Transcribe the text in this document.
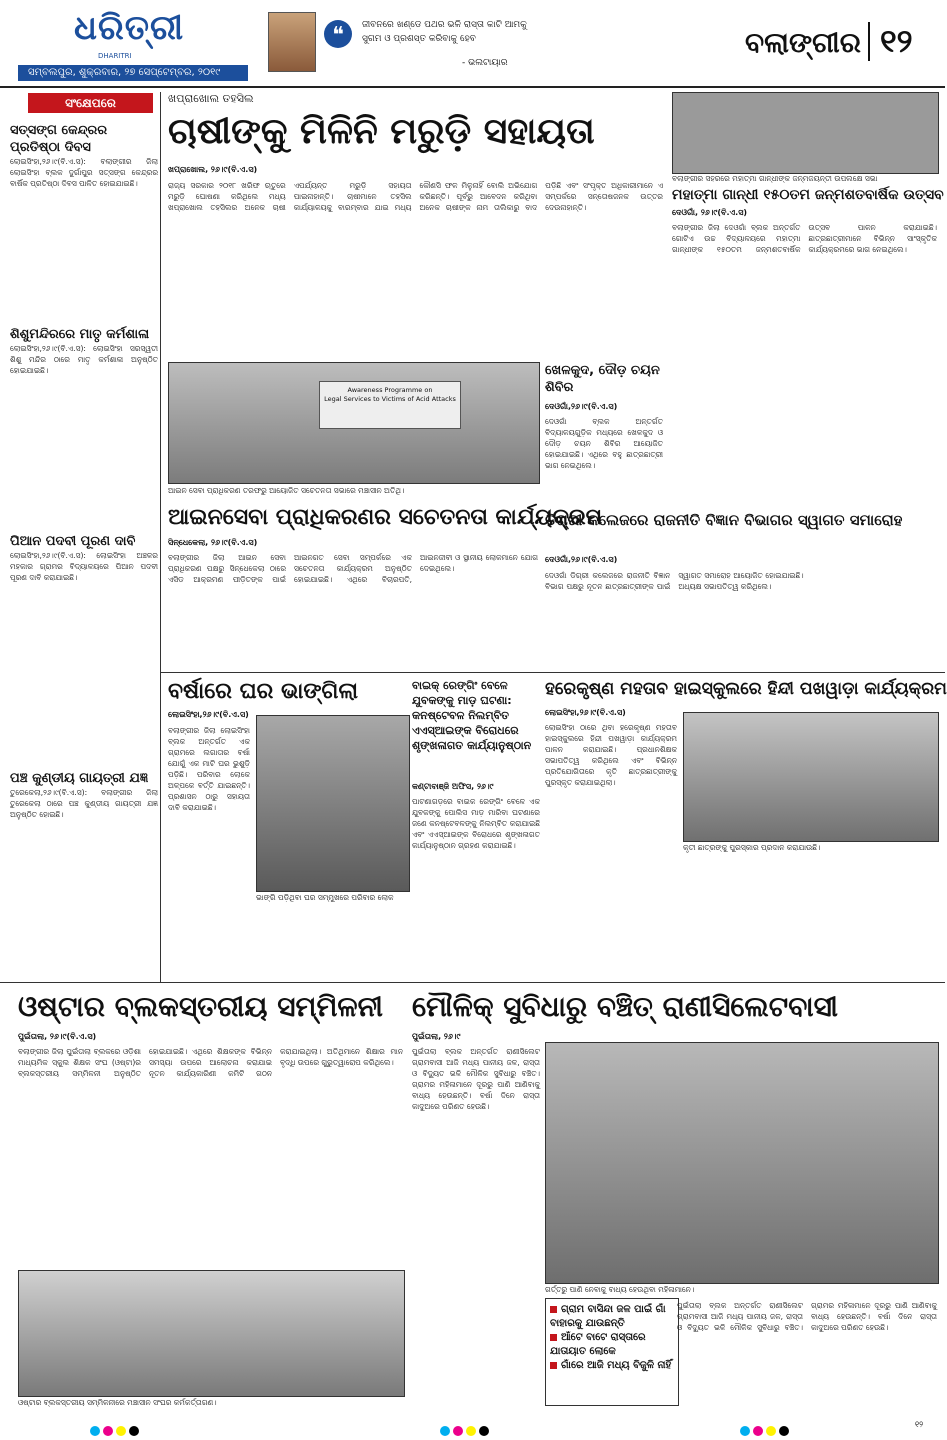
ଧରିତ୍ରୀ
DHARITRI
ସମ୍ବଲପୁର, ଶୁକ୍ରବାର, ୨୭ ସେପ୍ଟେମ୍ବର, ୨୦୧୯
❝	ଜୀବନରେ ଖଣ୍ଡେ ପଥର ଭଳି ରାସ୍ତା କାଟି ଆମକୁ
ସୁଗମ ଓ ପ୍ରଶସ୍ତ କରିବାକୁ ହେବ
- ଭଲଟାୟାର
ବଲାଙ୍ଗୀର ୧୨
ସଂକ୍ଷେପରେ
ସତ୍‌ସଙ୍ଗ କେନ୍ଦ୍ରର ପ୍ରତିଷ୍ଠା ଦିବସ
ଲୋଇସିଂହା,୨୬।୯(ବି.ଏ.ସ): ବଲାଙ୍ଗୀର ଜିଲା ଲୋଇସିଂହା ବ୍ଲକ ଦୁର୍ଗାପୁର ସତ୍‌ସଙ୍ଗ କେନ୍ଦ୍ରର ବାର୍ଷିକ ପ୍ରତିଷ୍ଠା ଦିବସ ପାଳିତ ହୋଇଯାଇଛି।
ଶିଶୁମନ୍ଦିରରେ ମାତୃ କର୍ମଶାଳା
ଲୋଇସିଂହା,୨୬।୯(ବି.ଏ.ସ): ଲୋଇସିଂହା ସରସ୍ୱତୀ ଶିଶୁ ମନ୍ଦିର ଠାରେ ମାତୃ କର୍ମଶାଳା ଅନୁଷ୍ଠିତ ହୋଇଯାଇଛି।
ପିଆନ ପଦବୀ ପୂରଣ ଦାବି
ଲୋଇସିଂହା,୨୬।୯(ବି.ଏ.ସ): ଲୋଇସିଂହା ଅଞ୍ଚଳର ମହକାର ଗ୍ରାମର ବିଦ୍ୟାଳୟରେ ପିଆନ ପଦବୀ ପୂରଣ ଦାବି କରାଯାଇଛି।
ପଞ୍ଚ କୁଣ୍ଡୀୟ ଗାୟତ୍ରୀ ଯଜ୍ଞ
ତୁରେକେଲା,୨୬।୯(ବି.ଏ.ସ): ବଲାଙ୍ଗୀର ଜିଲା ତୁରେକେଲା ଠାରେ ପଞ୍ଚ କୁଣ୍ଡୀୟ ଗାୟତ୍ରୀ ଯଜ୍ଞ ଅନୁଷ୍ଠିତ ହୋଇଛି।
ଖପ୍ରାଖୋଲ ତହସିଲ
ଚାଷୀଙ୍କୁ ମିଳିନି ମରୁଡ଼ି ସହାୟତା
ଖପ୍ରାଖୋଲ, ୨୬।୯(ବି.ଏ.ସ)
ରାଜ୍ୟ ସରକାର ୨୦୧୮ ଖରିଫ ଋତୁରେ ମରୁଡ଼ି ଘୋଷଣା କରିଥିଲେ ମଧ୍ୟ ଖପ୍ରାଖୋଲ ତହସିଲର ଅନେକ ଚାଷୀ ଏପର୍ଯ୍ୟନ୍ତ ମରୁଡ଼ି ସହାୟତା ପାଇନାହାନ୍ତି। ଚାଷୀମାନେ ତହସିଲ କାର୍ଯ୍ୟାଳୟକୁ ବାରମ୍ବାର ଯାଇ ମଧ୍ୟ କୌଣସି ଫଳ ମିଳୁନାହିଁ ବୋଲି ଅଭିଯୋଗ କରିଛନ୍ତି। ପୂର୍ବରୁ ଆବେଦନ କରିଥିବା ଅନେକ ଚାଷୀଙ୍କ ନାମ ତାଲିକାରୁ ବାଦ ପଡ଼ିଛି ଏବଂ ସଂପୃକ୍ତ ଅଧିକାରୀମାନେ ଏ ସମ୍ପର୍କରେ ସନ୍ତୋଷଜନକ ଉତ୍ତର ଦେଉନାହାନ୍ତି।
ବଲାଙ୍ଗୀର ସହରରେ ମହାତ୍ମା ଗାନ୍ଧୀଙ୍କ ଜନ୍ମଜୟନ୍ତୀ ଉପଲକ୍ଷେ ସଭା
ମହାତ୍ମା ଗାନ୍ଧୀ ୧୫୦ତମ ଜନ୍ମଶତବାର୍ଷିକ ଉତ୍ସବ
ଦେଓଗାଁ, ୨୬।୯(ବି.ଏ.ସ)
ବଲାଙ୍ଗୀର ଜିଲା ଦେଓଗାଁ ବ୍ଲକ ଅନ୍ତର୍ଗତ ଗୋଟିଏ ଉଚ୍ଚ ବିଦ୍ୟାଳୟରେ ମହାତ୍ମା ଗାନ୍ଧୀଙ୍କ ୧୫୦ତମ ଜନ୍ମଶତବାର୍ଷିକ ଉତ୍ସବ ପାଳନ କରାଯାଇଛି। ଛାତ୍ରଛାତ୍ରୀମାନେ ବିଭିନ୍ନ ସାଂସ୍କୃତିକ କାର୍ଯ୍ୟକ୍ରମରେ ଭାଗ ନେଇଥିଲେ।
ଖେଳକୁଦ, ଦୌଡ଼ ଚୟନ ଶିବିର
ଦେଓଗାଁ,୨୬।୯(ବି.ଏ.ସ)
ଦେଓଗାଁ ବ୍ଲକ ଅନ୍ତର୍ଗତ ବିଦ୍ୟାଳୟଗୁଡ଼ିକ ମଧ୍ୟରେ ଖେଳକୁଦ ଓ ଦୌଡ଼ ଚୟନ ଶିବିର ଆୟୋଜିତ ହୋଇଯାଇଛି। ଏଥିରେ ବହୁ ଛାତ୍ରଛାତ୍ରୀ ଭାଗ ନେଇଥିଲେ।
Awareness Programme on
Legal Services to Victims of Acid Attacks
ଆଇନ ସେବା ପ୍ରାଧିକରଣ ତରଫରୁ ଆୟୋଜିତ ସଚେତନତା ସଭାରେ ମଞ୍ଚାସୀନ ଅତିଥି।
ଡିଗ୍ରୀ କଲେଜରେ ରାଜନୀତି ବିଜ୍ଞାନ ବିଭାଗର ସ୍ୱାଗତ ସମାରୋହ
ଦେଓଗାଁ,୨୬।୯(ବି.ଏ.ସ)
ଦେଓଗାଁ ଡିଗ୍ରୀ କଲେଜରେ ରାଜନୀତି ବିଜ୍ଞାନ ବିଭାଗ ପକ୍ଷରୁ ନୂତନ ଛାତ୍ରଛାତ୍ରୀଙ୍କ ପାଇଁ ସ୍ୱାଗତ ସମାରୋହ ଆୟୋଜିତ ହୋଇଯାଇଛି। ଅଧ୍ୟକ୍ଷ ସଭାପତିତ୍ୱ କରିଥିଲେ।
ଆଇନସେବା ପ୍ରାଧିକରଣର ସଚେତନତା କାର୍ଯ୍ୟକ୍ରମ
ସିନ୍ଧେକେଲା, ୨୬।୯(ବି.ଏ.ସ)
ବଲାଙ୍ଗୀର ଜିଲା ଆଇନ ସେବା ପ୍ରାଧିକରଣ ପକ୍ଷରୁ ସିନ୍ଧେକେଲା ଠାରେ ଏସିଡ ଆକ୍ରମଣ ପୀଡ଼ିତଙ୍କ ପାଇଁ ଆଇନଗତ ସେବା ସମ୍ପର୍କରେ ଏକ ସଚେତନତା କାର୍ଯ୍ୟକ୍ରମ ଅନୁଷ୍ଠିତ ହୋଇଯାଇଛି। ଏଥିରେ ବିଚାରପତି, ଆଇନଜୀବୀ ଓ ସ୍ଥାନୀୟ ଲୋକମାନେ ଯୋଗ ଦେଇଥିଲେ।
ବର୍ଷାରେ ଘର ଭାଙ୍ଗିଲା
ଲୋଇସିଂହା,୨୬।୯(ବି.ଏ.ସ)
ବଲାଙ୍ଗୀର ଜିଲା ଲୋଇସିଂହା ବ୍ଲକ ଅନ୍ତର୍ଗତ ଏକ ଗ୍ରାମରେ ଲଗାତାର ବର୍ଷା ଯୋଗୁଁ ଏକ ମାଟି ଘର ଭୁଶୁଡ଼ି ପଡ଼ିଛି। ପରିବାର ଲୋକେ ଅଳ୍ପକେ ବର୍ତ୍ତି ଯାଇଛନ୍ତି। ପ୍ରଶାସନ ଠାରୁ ସହାୟତା ଦାବି କରାଯାଇଛି।
ଭାଙ୍ଗି ପଡ଼ିଥିବା ଘର ସମ୍ମୁଖରେ ପରିବାର ଲୋକ
ବାଇକ୍‌ ରେଙ୍ଗିଂ ବେଳେ ଯୁବକଙ୍କୁ ମାଡ଼ ଘଟଣା: କନଷ୍ଟେବଳ ନିଲମ୍ବିତ ଏଏସ୍‌ଆଇଙ୍କ ବିରୋଧରେ ଶୃଙ୍ଖଳାଗତ କାର୍ଯ୍ୟାନୁଷ୍ଠାନ
କଣ୍ଟାବାଞ୍ଜି ଅଫିସ, ୨୬।୯
ପାଟଣାଗଡ଼ରେ ବାଇକ ରେଙ୍ଗିଂ ବେଳେ ଏକ ଯୁବକଙ୍କୁ ପୋଲିସ ମାଡ଼ ମାରିବା ଘଟଣାରେ ଜଣେ କନଷ୍ଟେବଳଙ୍କୁ ନିଲମ୍ବିତ କରାଯାଇଛି ଏବଂ ଏଏସ୍‌ଆଇଙ୍କ ବିରୋଧରେ ଶୃଙ୍ଖଳାଗତ କାର୍ଯ୍ୟାନୁଷ୍ଠାନ ଗ୍ରହଣ କରାଯାଇଛି।
ହରେକୃଷ୍ଣ ମହତାବ ହାଇସ୍କୁଲରେ ହିନ୍ଦୀ ପଖୱାଡ଼ା କାର୍ଯ୍ୟକ୍ରମ
ଲୋଇସିଂହା,୨୬।୯(ବି.ଏ.ସ)
ଲୋଇସିଂହା ଠାରେ ଥିବା ହରେକୃଷ୍ଣ ମହତାବ ହାଇସ୍କୁଲରେ ହିନ୍ଦୀ ପଖୱାଡ଼ା କାର୍ଯ୍ୟକ୍ରମ ପାଳନ କରାଯାଇଛି। ପ୍ରଧାନଶିକ୍ଷକ ସଭାପତିତ୍ୱ କରିଥିଲେ ଏବଂ ବିଭିନ୍ନ ପ୍ରତିଯୋଗିତାରେ କୃତି ଛାତ୍ରଛାତ୍ରୀଙ୍କୁ ପୁରସ୍କୃତ କରାଯାଇଥିଲା।
କୃତୀ ଛାତ୍ରଙ୍କୁ ପୁରସ୍କାର ପ୍ରଦାନ କରାଯାଉଛି।
ଓଷ୍ଟାର ବ୍ଲକସ୍ତରୀୟ ସମ୍ମିଳନୀ
ପୁଇଁତାଲା, ୨୬।୯(ବି.ଏ.ସ)
ବଲାଙ୍ଗୀର ଜିଲା ପୁଇଁତାଲା ବ୍ଲକରେ ଓଡ଼ିଶା ମାଧ୍ୟମିକ ସ୍କୁଲ ଶିକ୍ଷକ ସଂଘ (ଓଷ୍ଟା)ର ବ୍ଲକସ୍ତରୀୟ ସମ୍ମିଳନୀ ଅନୁଷ୍ଠିତ ହୋଇଯାଇଛି। ଏଥିରେ ଶିକ୍ଷକଙ୍କ ବିଭିନ୍ନ ସମସ୍ୟା ଉପରେ ଆଲୋଚନା କରାଯାଇ ନୂତନ କାର୍ଯ୍ୟକାରିଣୀ କମିଟି ଗଠନ କରାଯାଇଥିଲା। ଅତିଥିମାନେ ଶିକ୍ଷାର ମାନ ବୃଦ୍ଧି ଉପରେ ଗୁରୁତ୍ୱାରୋପ କରିଥିଲେ।
ଓଷ୍ଟାର ବ୍ଲକସ୍ତରୀୟ ସମ୍ମିଳନୀରେ ମଞ୍ଚାସୀନ ସଂଘର କର୍ମକର୍ତ୍ତାଗଣ।
ମୌଳିକ୍‌ ସୁବିଧାରୁ ବଞ୍ଚିତ୍‌ ରାଣୀସିଲେଟବାସୀ
ପୁଇଁତାଲା, ୨୬।୯
ପୁଇଁତାଲା ବ୍ଲକ ଅନ୍ତର୍ଗତ ରାଣୀସିଲେଟ ଗ୍ରାମବାସୀ ଆଜି ମଧ୍ୟ ପାନୀୟ ଜଳ, ରାସ୍ତା ଓ ବିଦ୍ୟୁତ ଭଳି ମୌଳିକ ସୁବିଧାରୁ ବଞ୍ଚିତ। ଗ୍ରାମର ମହିଳାମାନେ ଦୂରରୁ ପାଣି ଆଣିବାକୁ ବାଧ୍ୟ ହେଉଛନ୍ତି। ବର୍ଷା ଦିନେ ରାସ୍ତା କାଦୁଅରେ ପରିଣତ ହେଉଛି।
ଗର୍ତ୍ତରୁ ପାଣି ନେବାକୁ ବାଧ୍ୟ ହେଉଥିବା ମହିଳାମାନେ।
ଗ୍ରାମ ବାସିନ୍ଦା ଜଳ ପାଇଁ ଗାଁ ବାହାରକୁ ଯାଉଛନ୍ତି
ଆଁଟେ ବାଟେ ରାସ୍ତାରେ ଯାତାୟାତ ଲୋକେ
ଗାଁରେ ଆଜି ମଧ୍ୟ ବିଜୁଳି ନାହିଁ
ପୁଇଁତାଲା ବ୍ଲକ ଅନ୍ତର୍ଗତ ରାଣୀସିଲେଟ ଗ୍ରାମବାସୀ ଆଜି ମଧ୍ୟ ପାନୀୟ ଜଳ, ରାସ୍ତା ଓ ବିଦ୍ୟୁତ ଭଳି ମୌଳିକ ସୁବିଧାରୁ ବଞ୍ଚିତ। ଗ୍ରାମର ମହିଳାମାନେ ଦୂରରୁ ପାଣି ଆଣିବାକୁ ବାଧ୍ୟ ହେଉଛନ୍ତି। ବର୍ଷା ଦିନେ ରାସ୍ତା କାଦୁଅରେ ପରିଣତ ହେଉଛି।
୧୨
